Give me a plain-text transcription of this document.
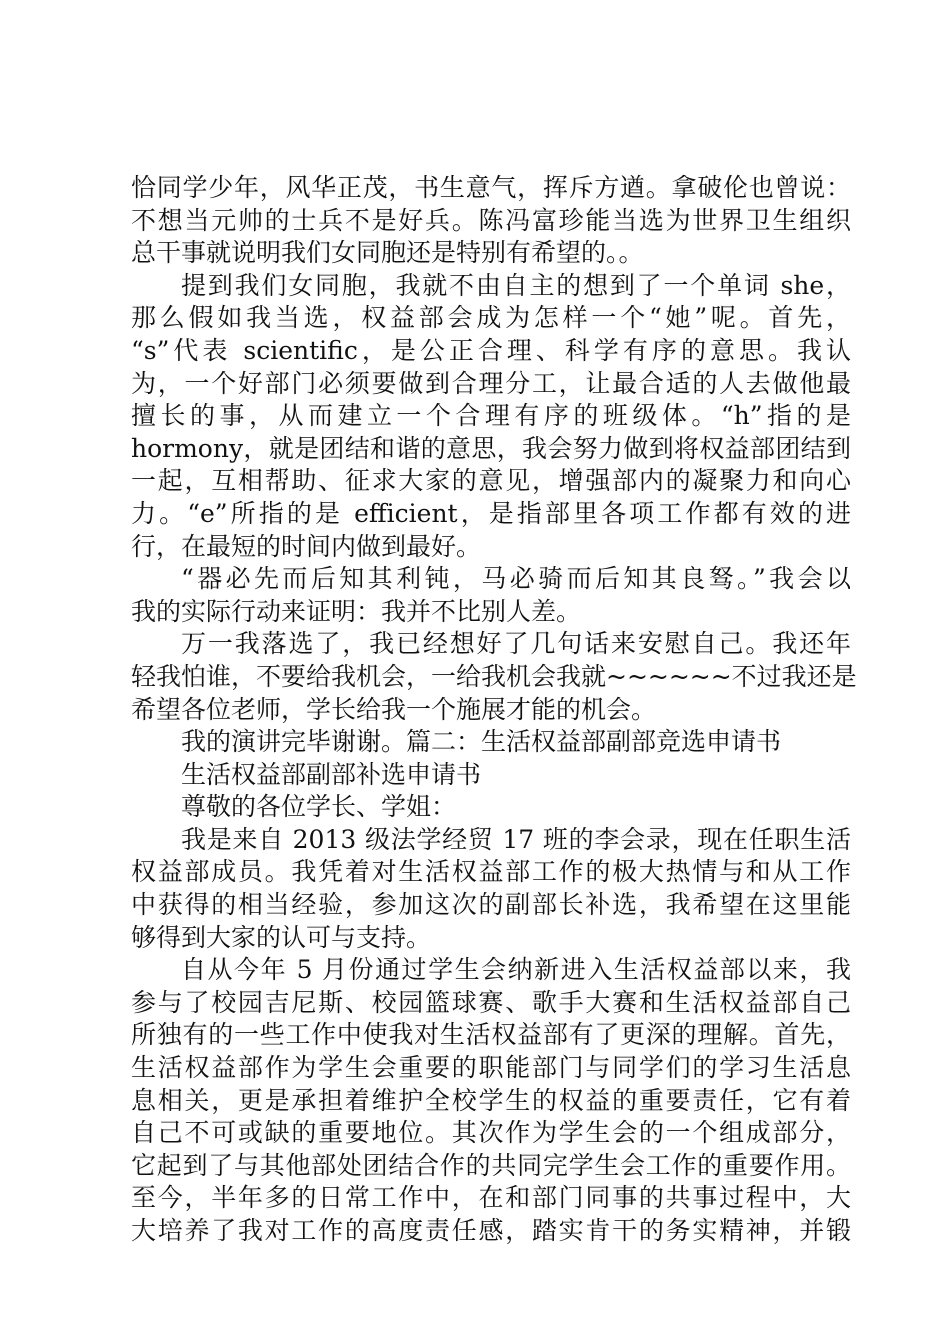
恰同学少年，风华正茂，书生意气，挥斥方遒。拿破伦也曾说：
不想当元帅的士兵不是好兵。陈冯富珍能当选为世界卫生组织
总干事就说明我们女同胞还是特别有希望的。。
提到我们女同胞，我就不由自主的想到了一个单词 she，
那么假如我当选，权益部会成为怎样一个“她”呢。首先，
“s”代表 scientific，是公正合理、科学有序的意思。我认
为，一个好部门必须要做到合理分工，让最合适的人去做他最
擅长的事，从而建立一个合理有序的班级体。“h”指的是
hormony，就是团结和谐的意思，我会努力做到将权益部团结到
一起，互相帮助、征求大家的意见，增强部内的凝聚力和向心
力。“e”所指的是 efficient，是指部里各项工作都有效的进
行，在最短的时间内做到最好。
“器必先而后知其利钝，马必骑而后知其良驽。”我会以
我的实际行动来证明：我并不比别人差。
万一我落选了，我已经想好了几句话来安慰自己。我还年
轻我怕谁，不要给我机会，一给我机会我就~~~~~~不过我还是
希望各位老师，学长给我一个施展才能的机会。
我的演讲完毕谢谢。篇二：生活权益部副部竞选申请书
生活权益部副部补选申请书
尊敬的各位学长、学姐：
我是来自 2013 级法学经贸 17 班的李会录，现在任职生活
权益部成员。我凭着对生活权益部工作的极大热情与和从工作
中获得的相当经验，参加这次的副部长补选，我希望在这里能
够得到大家的认可与支持。
自从今年 5 月份通过学生会纳新进入生活权益部以来，我
参与了校园吉尼斯、校园篮球赛、歌手大赛和生活权益部自己
所独有的一些工作中使我对生活权益部有了更深的理解。首先，
生活权益部作为学生会重要的职能部门与同学们的学习生活息
息相关，更是承担着维护全校学生的权益的重要责任，它有着
自己不可或缺的重要地位。其次作为学生会的一个组成部分，
它起到了与其他部处团结合作的共同完学生会工作的重要作用。
至今，半年多的日常工作中，在和部门同事的共事过程中，大
大培养了我对工作的高度责任感，踏实肯干的务实精神，并锻
